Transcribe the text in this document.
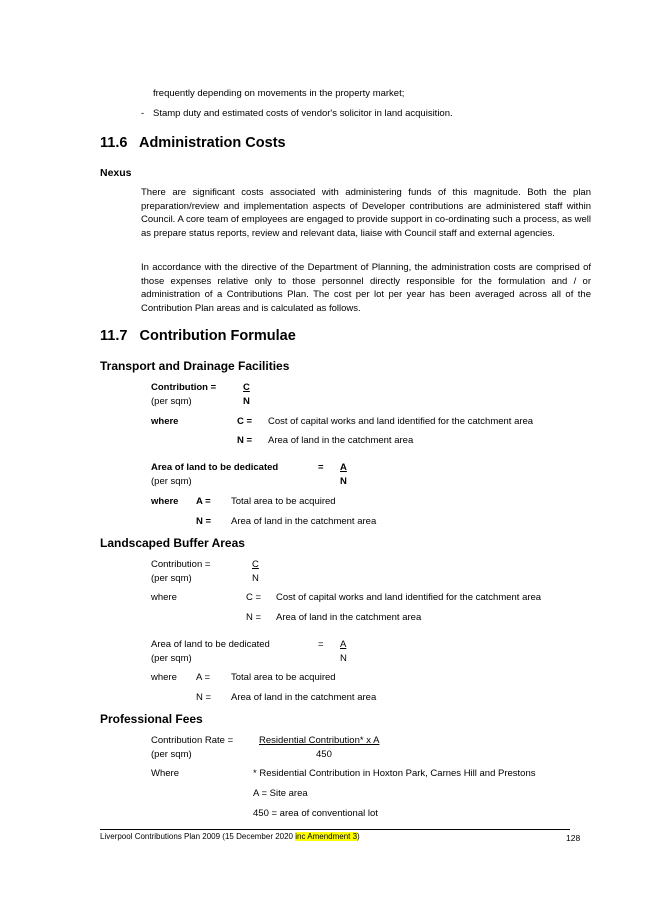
frequently depending on movements in the property market;
- Stamp duty and estimated costs of vendor's solicitor in land acquisition.
11.6   Administration Costs
Nexus
There are significant costs associated with administering funds of this magnitude. Both the plan preparation/review and implementation aspects of Developer contributions are administered staff within Council. A core team of employees are engaged to provide support in co-ordinating such a process, as well as prepare status reports, review and relevant data, liaise with Council staff and external agencies.
In accordance with the directive of the Department of Planning, the administration costs are comprised of those expenses relative only to those personnel directly responsible for the formulation and / or administration of a Contributions Plan. The cost per lot per year has been averaged across all of the Contribution Plan areas and is calculated as follows.
11.7   Contribution Formulae
Transport and Drainage Facilities
Contribution =	C
(per sqm)	N
where	C = Cost of capital works and land identified for the catchment area
N = Area of land in the catchment area
Area of land to be dedicated	= A
(per sqm)	N
where A = Total area to be acquired
N = Area of land in the catchment area
Landscaped Buffer Areas
Contribution =	C
(per sqm)	N
where	C = Cost of capital works and land identified for the catchment area
N = Area of land in the catchment area
Area of land to be dedicated	= A
(per sqm)	N
where A = Total area to be acquired
N = Area of land in the catchment area
Professional Fees
Contribution Rate =	Residential Contribution* x A
(per sqm)	450
Where	* Residential Contribution in Hoxton Park, Carnes Hill and Prestons
A = Site area
450 = area of conventional lot
Liverpool Contributions Plan 2009 (15 December 2020 inc Amendment 3)	128
